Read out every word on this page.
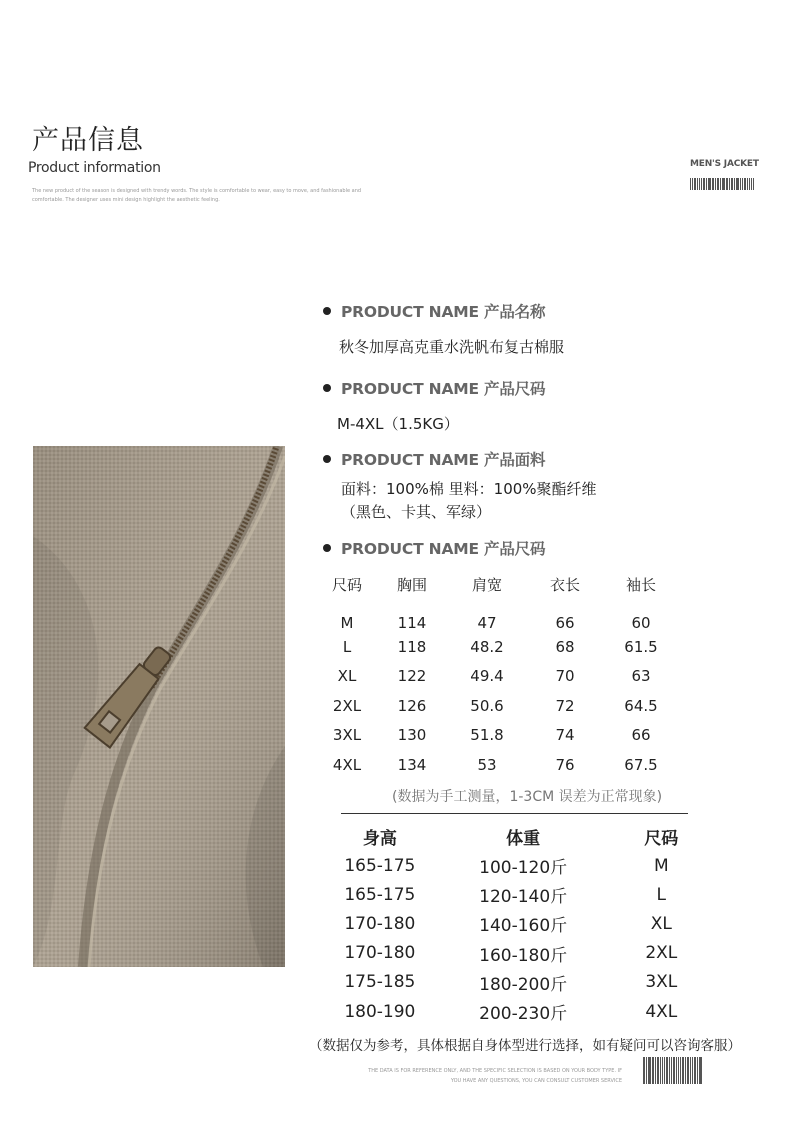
产品信息
Product information
The new product of the season is designed with trendy words. The style is comfortable to wear, easy to move, and fashionable and comfortable. The designer uses mini design highlight the aesthetic feeling.
MEN'S JACKET
PRODUCT NAME 产品名称
秋冬加厚高克重水洗帆布复古棉服
PRODUCT NAME 产品尺码
M-4XL（1.5KG）
PRODUCT NAME 产品面料
面料：100%棉 里料：100%聚酯纤维
（黑色、卡其、军绿）
PRODUCT NAME 产品尺码
尺码	胸围	肩宽	衣长	袖长
M	114	47	66	60
L	118	48.2	68	61.5
XL	122	49.4	70	63
2XL	126	50.6	72	64.5
3XL	130	51.8	74	66
4XL	134	53	76	67.5
(数据为手工测量，1-3CM 误差为正常现象)
身高	体重	尺码
165-175	100-120斤	M
165-175	120-140斤	L
170-180	140-160斤	XL
170-180	160-180斤	2XL
175-185	180-200斤	3XL
180-190	200-230斤	4XL
（数据仅为参考，具体根据自身体型进行选择，如有疑问可以咨询客服）
THE DATA IS FOR REFERENCE ONLY, AND THE SPECIFIC SELECTION IS BASED ON YOUR BODY TYPE. IF
YOU HAVE ANY QUESTIONS, YOU CAN CONSULT CUSTOMER SERVICE
